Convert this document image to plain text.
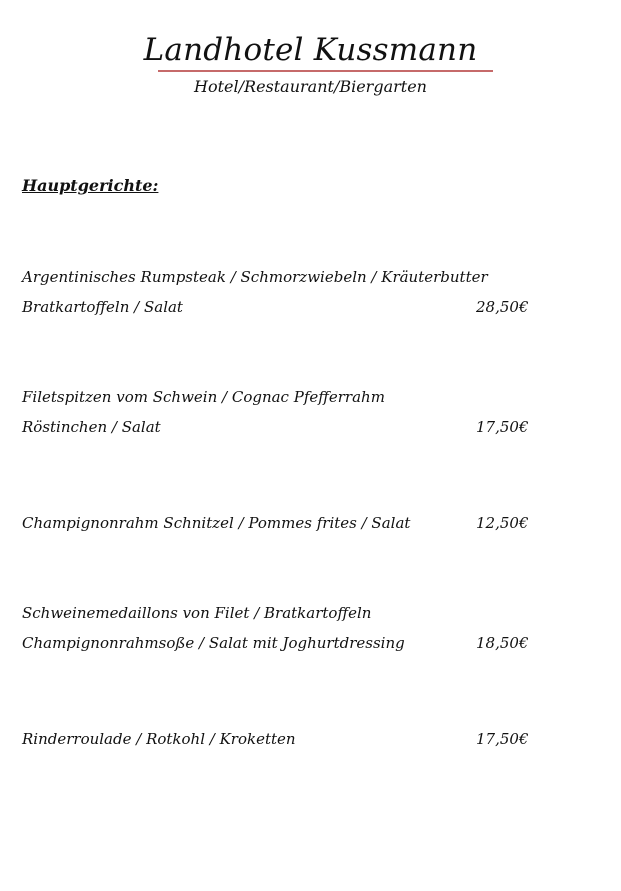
Landhotel Kussmann
Hotel/Restaurant/Biergarten
Hauptgerichte:
Argentinisches Rumpsteak / Schmorzwiebeln / Kräuterbutter
Bratkartoffeln / Salat	28,50€
Filetspitzen vom Schwein / Cognac Pfefferrahm
Röstinchen / Salat	17,50€
Champignonrahm Schnitzel / Pommes frites / Salat	12,50€
Schweinemedaillons von Filet / Bratkartoffeln
Champignonrahmsoße / Salat mit Joghurtdressing	18,50€
Rinderroulade / Rotkohl / Kroketten	17,50€
